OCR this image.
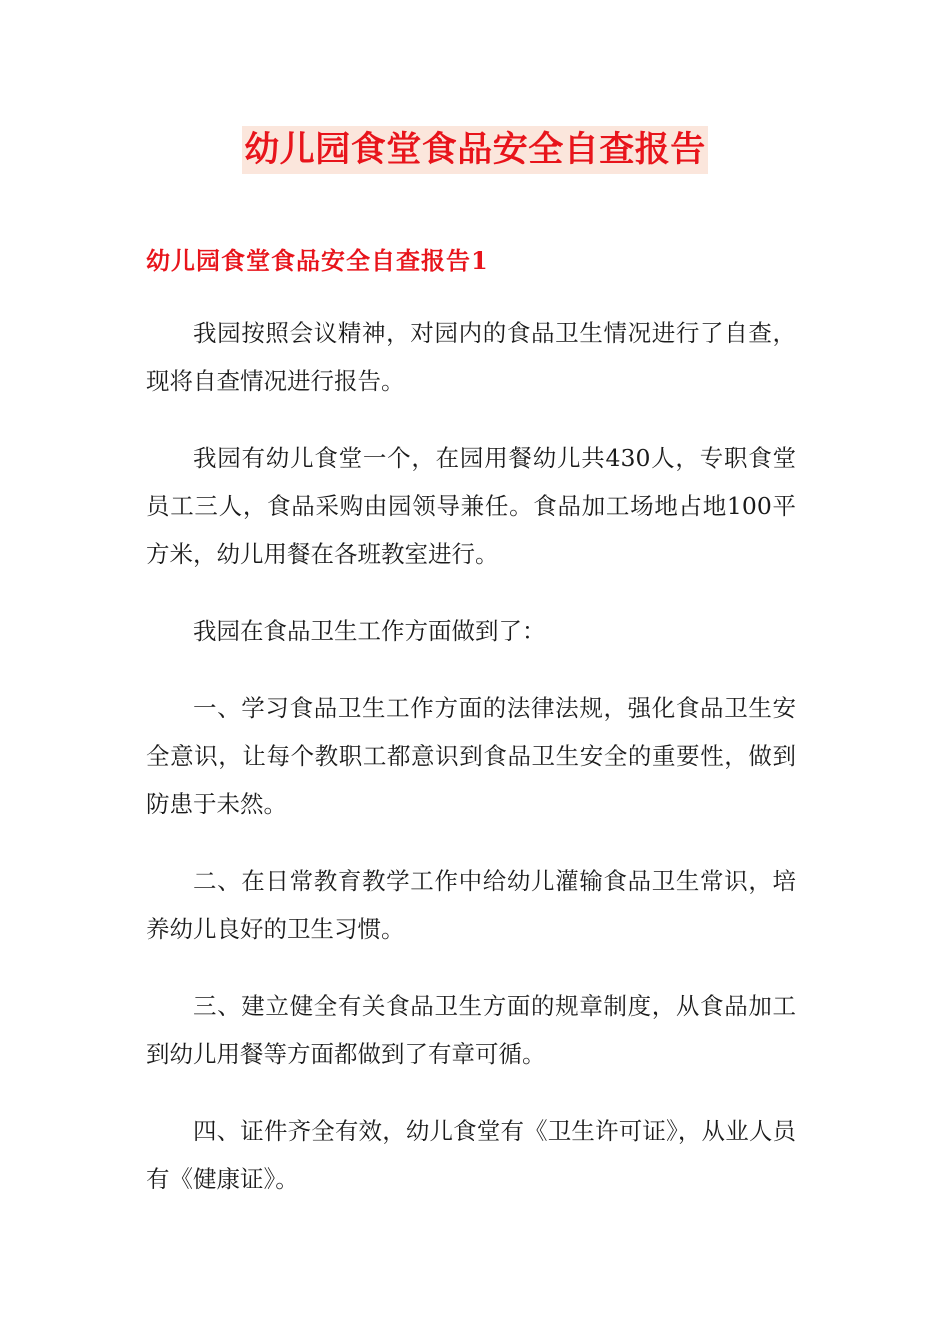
幼儿园食堂食品安全自查报告
幼儿园食堂食品安全自查报告1

我园按照会议精神，对园内的食品卫生情况进行了自查，现将自查情况进行报告。

我园有幼儿食堂一个，在园用餐幼儿共430人，专职食堂员工三人，食品采购由园领导兼任。食品加工场地占地100平方米，幼儿用餐在各班教室进行。

我园在食品卫生工作方面做到了：

一、学习食品卫生工作方面的法律法规，强化食品卫生安全意识，让每个教职工都意识到食品卫生安全的重要性，做到防患于未然。

二、在日常教育教学工作中给幼儿灌输食品卫生常识，培养幼儿良好的卫生习惯。

三、建立健全有关食品卫生方面的规章制度，从食品加工到幼儿用餐等方面都做到了有章可循。

四、证件齐全有效，幼儿食堂有《卫生许可证》，从业人员有《健康证》。
